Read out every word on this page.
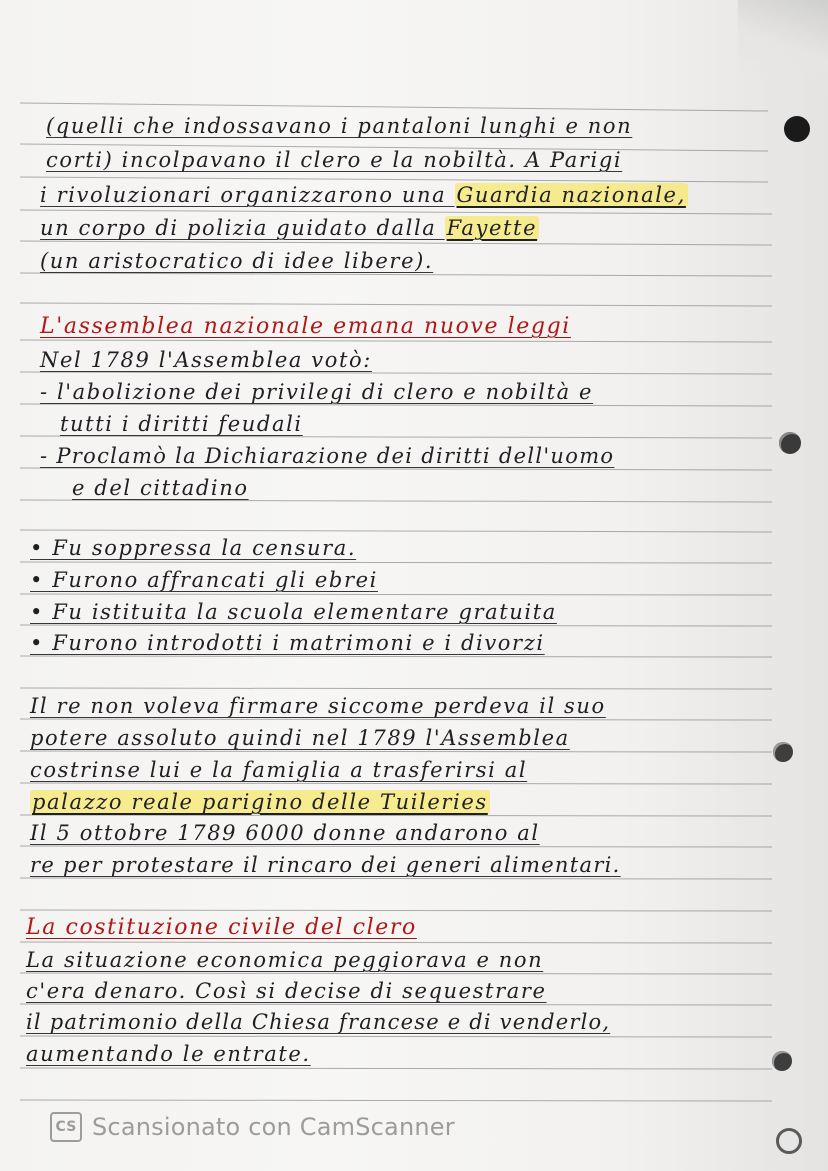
(quelli che indossavano i pantaloni lunghi e non
corti) incolpavano il clero e la nobiltà. A Parigi
i rivoluzionari organizzarono una Guardia nazionale,
un corpo di polizia guidato dalla Fayette
(un aristocratico di idee libere).
L'assemblea nazionale emana nuove leggi
Nel 1789 l'Assemblea votò:
- l'abolizione dei privilegi di clero e nobiltà e
tutti i diritti feudali
- Proclamò la Dichiarazione dei diritti dell'uomo
e del cittadino
• Fu soppressa la censura.
• Furono affrancati gli ebrei
• Fu istituita la scuola elementare gratuita
• Furono introdotti i matrimoni e i divorzi
Il re non voleva firmare siccome perdeva il suo
potere assoluto quindi nel 1789 l'Assemblea
costrinse lui e la famiglia a trasferirsi al
palazzo reale parigino delle Tuileries
Il 5 ottobre 1789 6000 donne andarono al
re per protestare il rincaro dei generi alimentari.
La costituzione civile del clero
La situazione economica peggiorava e non
c'era denaro. Così si decise di sequestrare
il patrimonio della Chiesa francese e di venderlo,
aumentando le entrate.
CS Scansionato con CamScanner
